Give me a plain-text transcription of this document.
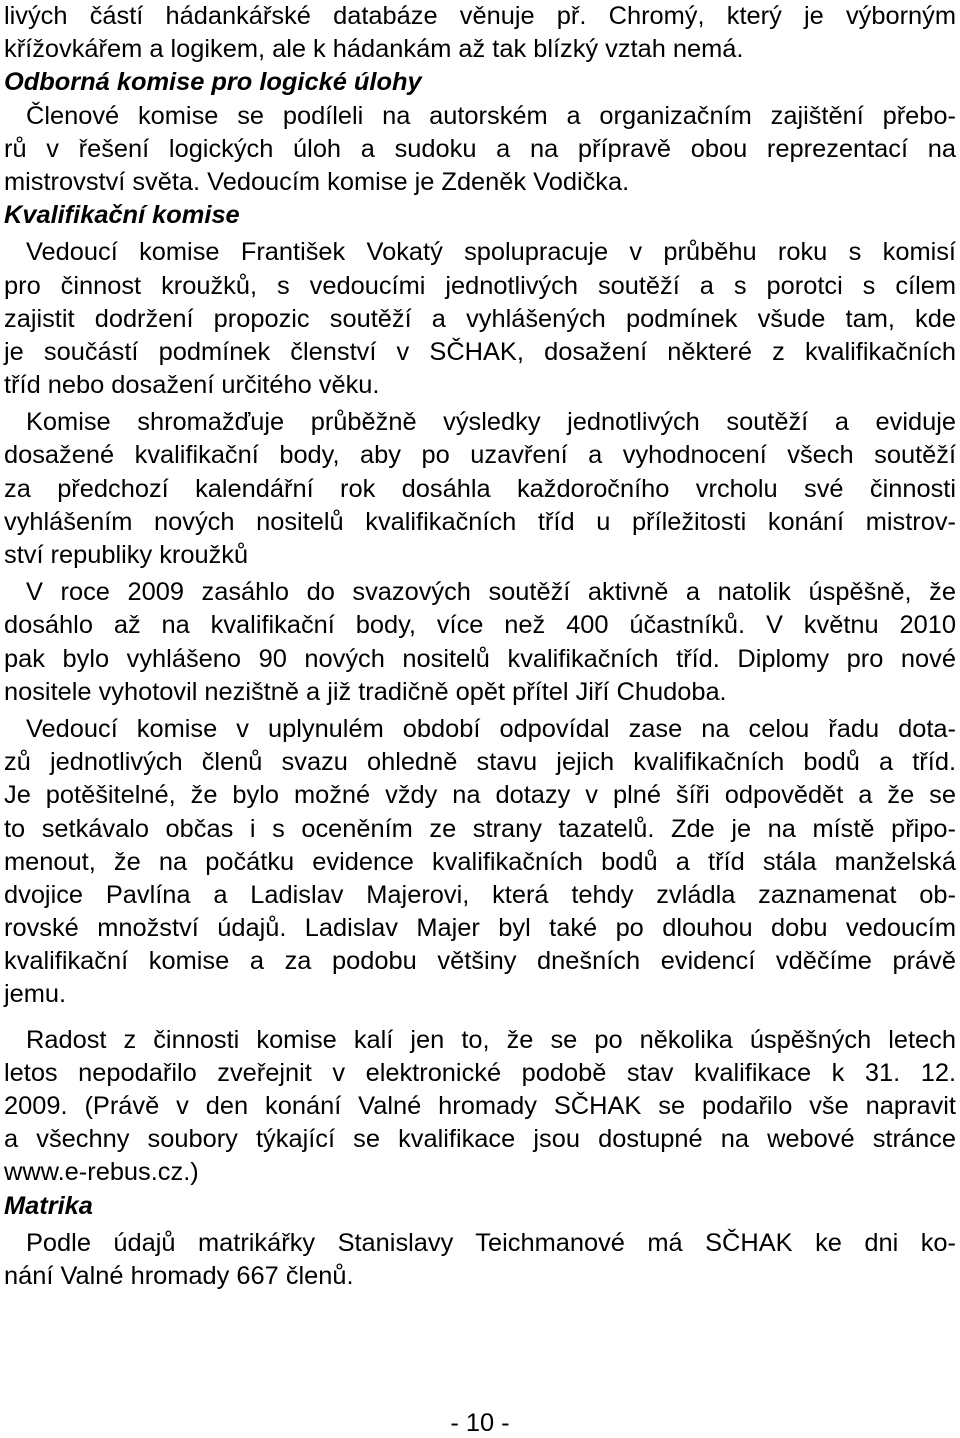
livých částí hádankářské databáze věnuje př. Chromý, který je výborným
křížovkářem a logikem, ale k hádankám až tak blízký vztah nemá.
Odborná komise pro logické úlohy
Členové komise se podíleli na autorském a organizačním zajištění přebo-
rů v řešení logických úloh a sudoku a na přípravě obou reprezentací na
mistrovství světa. Vedoucím komise je Zdeněk Vodička.
Kvalifikační komise
Vedoucí komise František Vokatý spolupracuje v průběhu roku s komisí
pro činnost kroužků, s vedoucími jednotlivých soutěží a s porotci s cílem
zajistit dodržení propozic soutěží a vyhlášených podmínek všude tam, kde
je součástí podmínek členství v SČHAK, dosažení některé z kvalifikačních
tříd nebo dosažení určitého věku.
Komise shromažďuje průběžně výsledky jednotlivých soutěží a eviduje
dosažené kvalifikační body, aby po uzavření a vyhodnocení všech soutěží
za předchozí kalendářní rok dosáhla každoročního vrcholu své činnosti
vyhlášením nových nositelů kvalifikačních tříd u příležitosti konání mistrov-
ství republiky kroužků
V roce 2009 zasáhlo do svazových soutěží aktivně a natolik úspěšně, že
dosáhlo až na kvalifikační body, více než 400 účastníků. V květnu 2010
pak bylo vyhlášeno 90 nových nositelů kvalifikačních tříd. Diplomy pro nové
nositele vyhotovil nezištně a již tradičně opět přítel Jiří Chudoba.
Vedoucí komise v uplynulém období odpovídal zase na celou řadu dota-
zů jednotlivých členů svazu ohledně stavu jejich kvalifikačních bodů a tříd.
Je potěšitelné, že bylo možné vždy na dotazy v plné šíři odpovědět a že se
to setkávalo občas i s oceněním ze strany tazatelů. Zde je na místě připo-
menout, že na počátku evidence kvalifikačních bodů a tříd stála manželská
dvojice Pavlína a Ladislav Majerovi, která tehdy zvládla zaznamenat ob-
rovské množství údajů. Ladislav Majer byl také po dlouhou dobu vedoucím
kvalifikační komise a za podobu většiny dnešních evidencí vděčíme právě
jemu.
Radost z činnosti komise kalí jen to, že se po několika úspěšných letech
letos nepodařilo zveřejnit v elektronické podobě stav kvalifikace k 31. 12.
2009. (Právě v den konání Valné hromady SČHAK se podařilo vše napravit
a všechny soubory týkající se kvalifikace jsou dostupné na webové stránce
www.e-rebus.cz.)
Matrika
Podle údajů matrikářky Stanislavy Teichmanové má SČHAK ke dni ko-
nání Valné hromady 667 členů.
- 10 -
